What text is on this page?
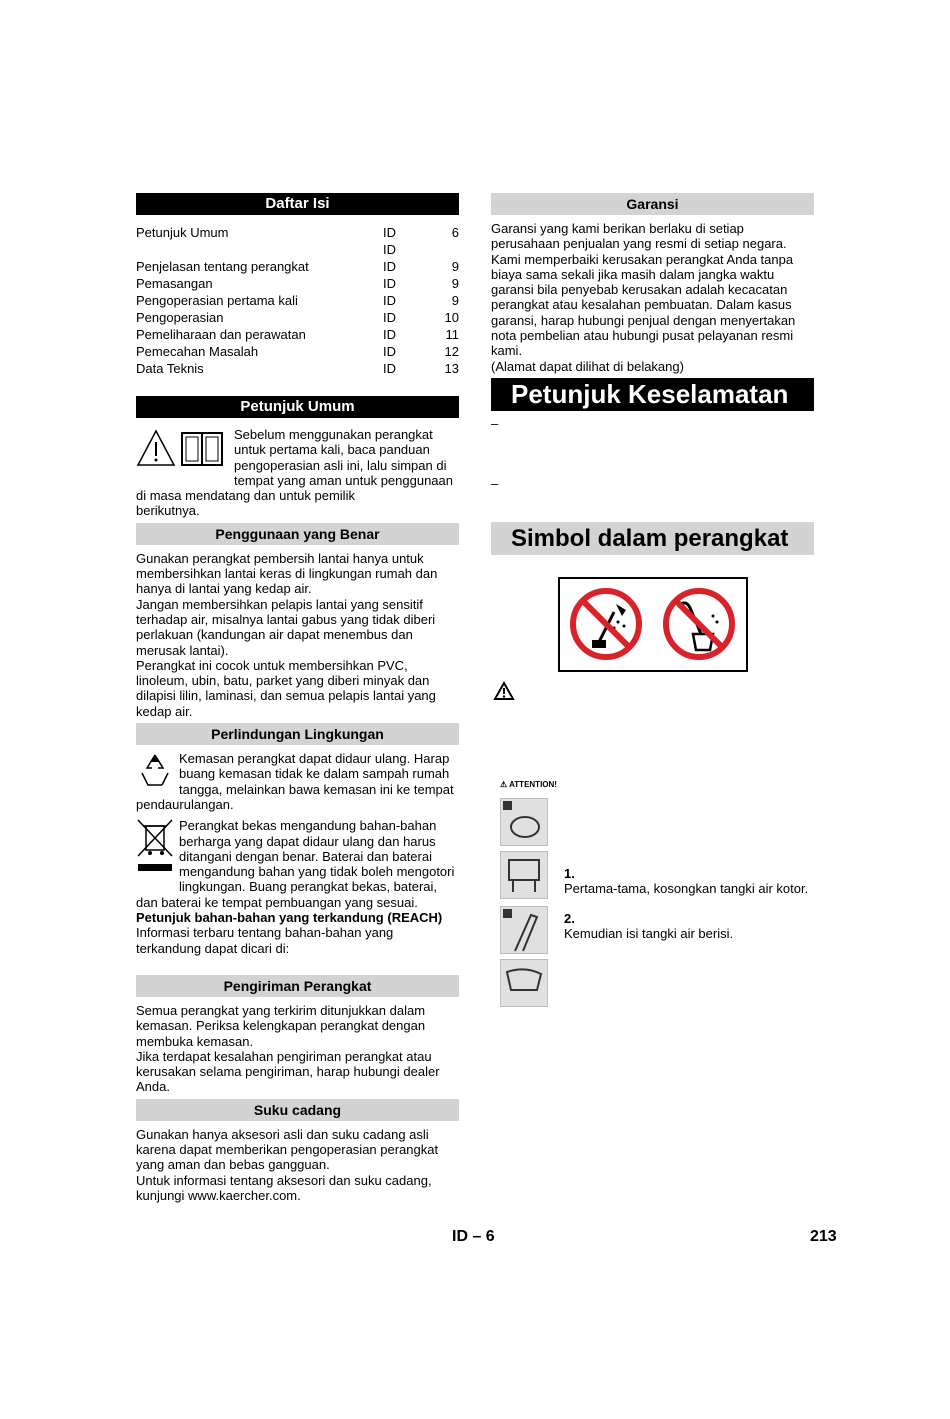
Daftar Isi
Petunjuk Umum	ID	6
ID
Penjelasan tentang perangkat	ID	9
Pemasangan	ID	9
Pengoperasian pertama kali	ID	9
Pengoperasian	ID	10
Pemeliharaan dan perawatan	ID	11
Pemecahan Masalah	ID	12
Data Teknis	ID	13
Petunjuk Umum

Sebelum menggunakan perangkat untuk pertama kali, baca panduan pengoperasian asli ini, lalu simpan di tempat yang aman untuk penggunaan di masa mendatang dan untuk pemilik

berikutnya.

Penggunaan yang Benar

Gunakan perangkat pembersih lantai hanya untuk membersihkan lantai keras di lingkungan rumah dan hanya di lantai yang kedap air.

Jangan membersihkan pelapis lantai yang sensitif terhadap air, misalnya lantai gabus yang tidak diberi perlakuan (kandungan air dapat menembus dan merusak lantai).

Perangkat ini cocok untuk membersihkan PVC, linoleum, ubin, batu, parket yang diberi minyak dan dilapisi lilin, laminasi, dan semua pelapis lantai yang kedap air.

Perlindungan Lingkungan

Kemasan perangkat dapat didaur ulang. Harap buang kemasan tidak ke dalam sampah rumah tangga, melainkan bawa kemasan ini ke tempat

pendaurulangan.

Perangkat bekas mengandung bahan-bahan berharga yang dapat didaur ulang dan harus ditangani dengan benar. Baterai dan baterai mengandung bahan yang tidak boleh mengotori lingkungan. Buang perangkat bekas, baterai,

dan baterai ke tempat pembuangan yang sesuai.

Petunjuk bahan-bahan yang terkandung (REACH)

Informasi terbaru tentang bahan-bahan yang terkandung dapat dicari di:

Pengiriman Perangkat

Semua perangkat yang terkirim ditunjukkan dalam kemasan. Periksa kelengkapan perangkat dengan membuka kemasan.

Jika terdapat kesalahan pengiriman perangkat atau kerusakan selama pengiriman, harap hubungi dealer Anda.

Suku cadang

Gunakan hanya aksesori asli dan suku cadang asli karena dapat memberikan pengoperasian perangkat yang aman dan bebas gangguan.

Untuk informasi tentang aksesori dan suku cadang, kunjungi www.kaercher.com.

Garansi

Garansi yang kami berikan berlaku di setiap perusahaan penjualan yang resmi di setiap negara. Kami memperbaiki kerusakan perangkat Anda tanpa biaya sama sekali jika masih dalam jangka waktu garansi bila penyebab kerusakan adalah kecacatan perangkat atau kesalahan pembuatan. Dalam kasus garansi, harap hubungi penjual dengan menyertakan nota pembelian atau hubungi pusat pelayanan resmi kami.

(Alamat dapat dilihat di belakang)

Petunjuk Keselamatan

–

–

Simbol dalam perangkat
⚠ ATTENTION!

1.

Pertama-tama, kosongkan tangki air kotor.

2.

Kemudian isi tangki air berisi.

ID – 6	213
